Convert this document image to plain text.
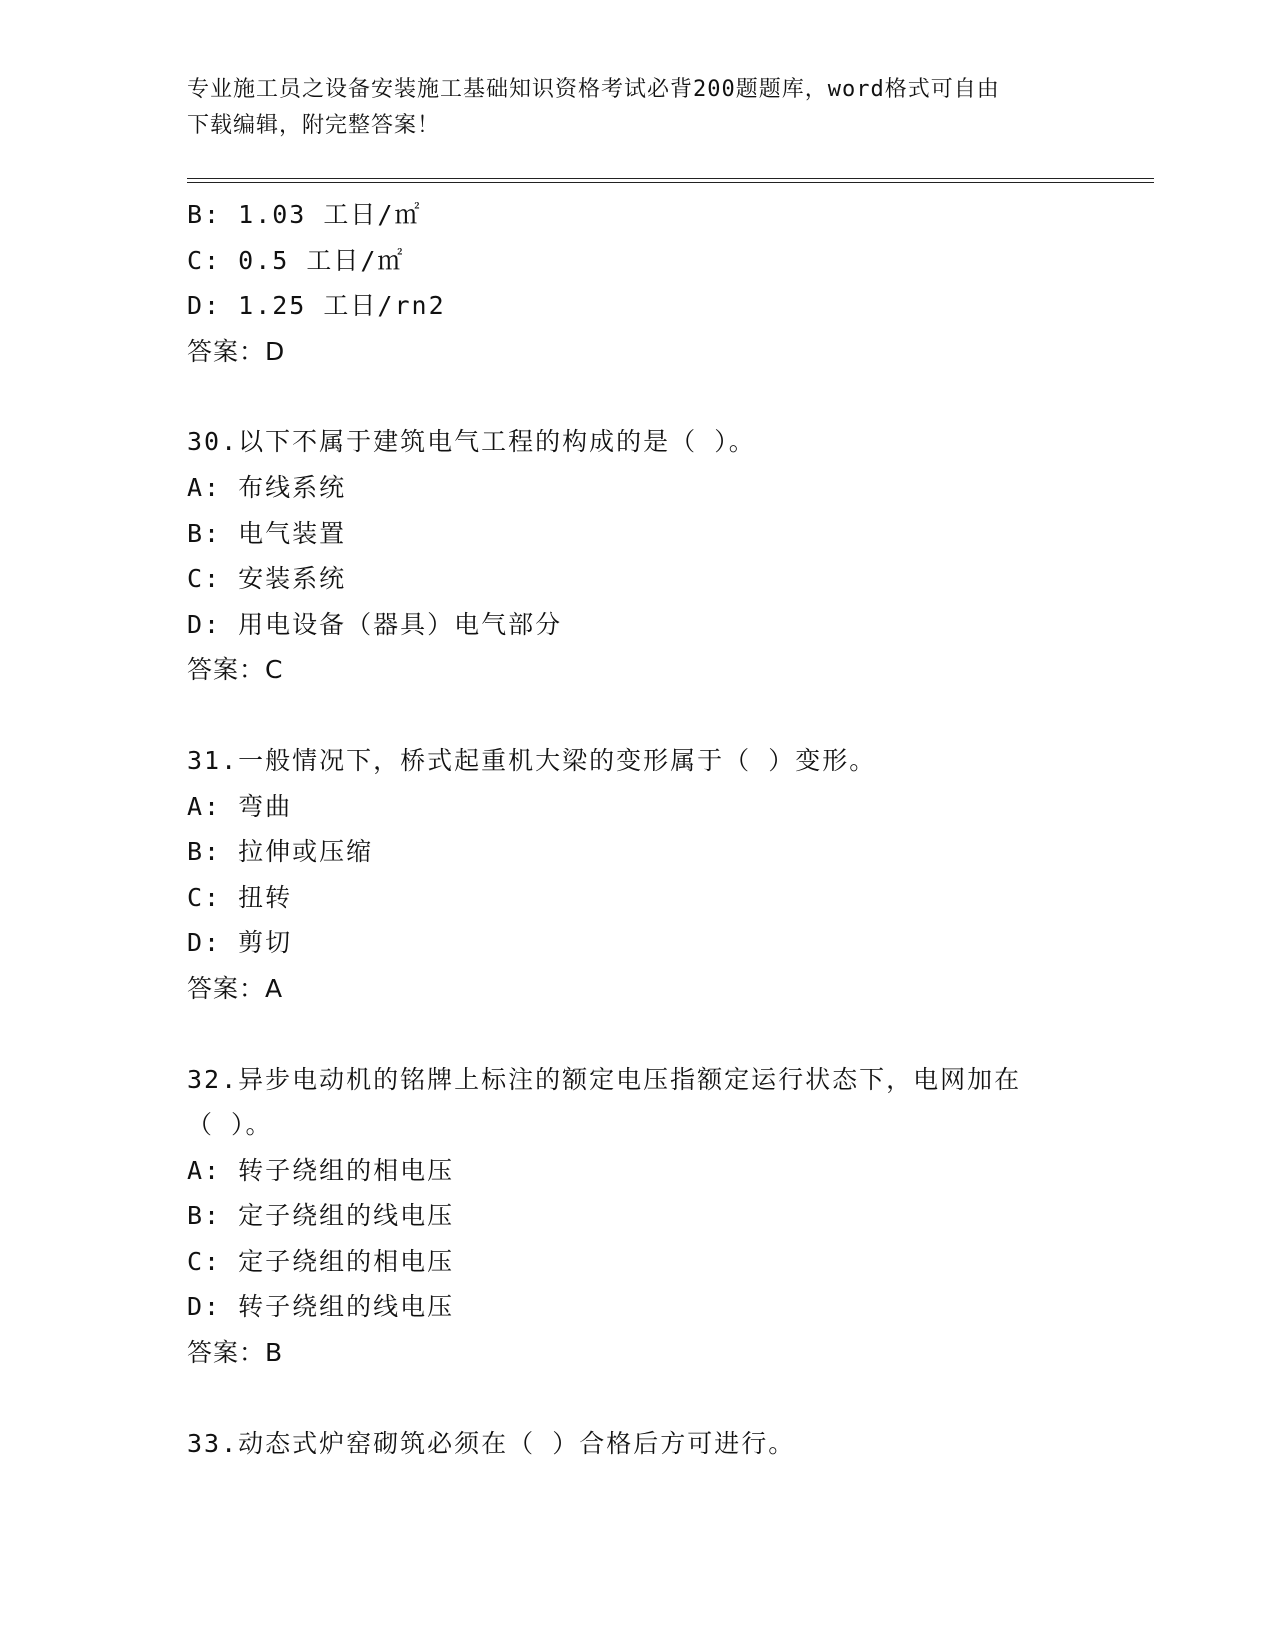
专业施工员之设备安装施工基础知识资格考试必背200题题库，word格式可自由
下载编辑，附完整答案！
B: 1.03 工日/㎡
C: 0.5 工日/㎡
D: 1.25 工日/rn2
答案：D
30.以下不属于建筑电气工程的构成的是（ ）。
A: 布线系统
B: 电气装置
C: 安装系统
D: 用电设备（器具）电气部分
答案：C
31.一般情况下，桥式起重机大梁的变形属于（ ）变形。
A: 弯曲
B: 拉伸或压缩
C: 扭转
D: 剪切
答案：A
32.异步电动机的铭牌上标注的额定电压指额定运行状态下，电网加在
（ ）。
A: 转子绕组的相电压
B: 定子绕组的线电压
C: 定子绕组的相电压
D: 转子绕组的线电压
答案：B
33.动态式炉窑砌筑必须在（ ）合格后方可进行。
